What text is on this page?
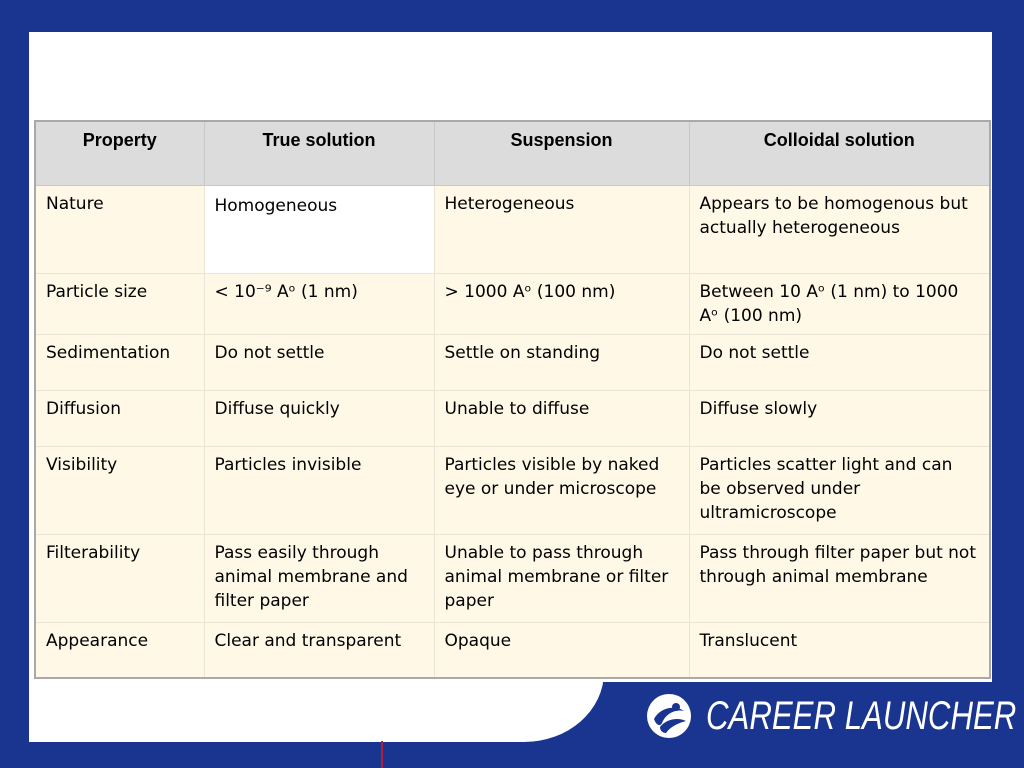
Property	True solution	Suspension	Colloidal solution
Nature	Homogeneous	Heterogeneous	Appears to be homogenous but actually heterogeneous
Particle size	< 10⁻⁹ Aᵒ (1 nm)	> 1000 Aᵒ (100 nm)	Between 10 Aᵒ (1 nm) to 1000 Aᵒ (100 nm)
Sedimentation	Do not settle	Settle on standing	Do not settle
Diffusion	Diffuse quickly	Unable to diffuse	Diffuse slowly
Visibility	Particles invisible	Particles visible by naked eye or under microscope	Particles scatter light and can be observed under ultramicroscope
Filterability	Pass easily through animal membrane and filter paper	Unable to pass through animal membrane or filter paper	Pass through filter paper but not through animal membrane
Appearance	Clear and transparent	Opaque	Translucent
CAREER LAUNCHER
